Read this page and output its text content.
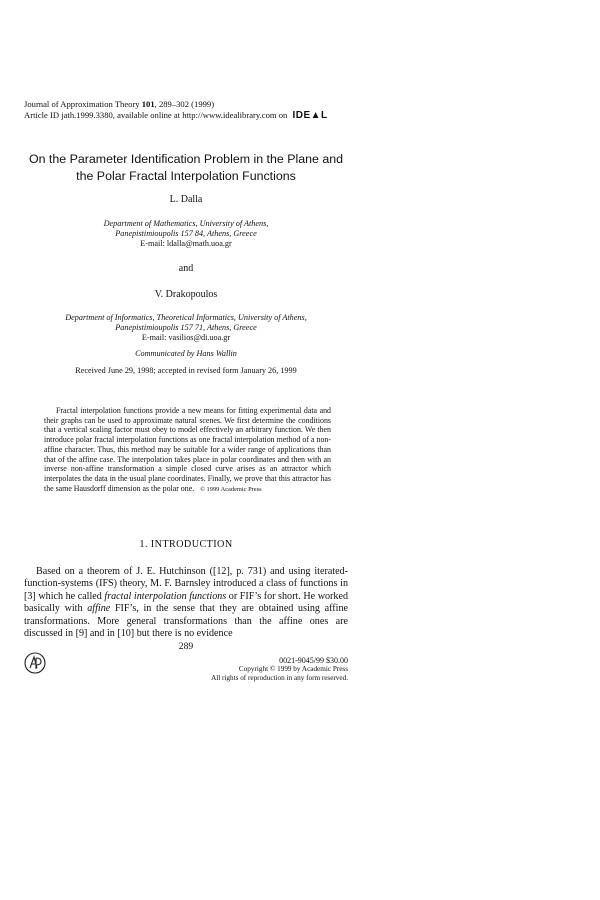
Journal of Approximation Theory 101, 289–302 (1999)
Article ID jath.1999.3380, available online at http://www.idealibrary.com on IDE▲L
On the Parameter Identification Problem in the Plane and
the Polar Fractal Interpolation Functions
L. Dalla
Department of Mathematics, University of Athens,
Panepistimioupolis 157 84, Athens, Greece
E-mail: ldalla@math.uoa.gr
and
V. Drakopoulos
Department of Informatics, Theoretical Informatics, University of Athens,
Panepistimioupolis 157 71, Athens, Greece
E-mail: vasilios@di.uoa.gr
Communicated by Hans Wallin
Received June 29, 1998; accepted in revised form January 26, 1999
Fractal interpolation functions provide a new means for fitting experimental data and their graphs can be used to approximate natural scenes. We first determine the conditions that a vertical scaling factor must obey to model effectively an arbitrary function. We then introduce polar fractal interpolation functions as one fractal interpolation method of a non-affine character. Thus, this method may be suitable for a wider range of applications than that of the affine case. The interpolation takes place in polar coordinates and then with an inverse non-affine transformation a simple closed curve arises as an attractor which interpolates the data in the usual plane coordinates. Finally, we prove that this attractor has the same Hausdorff dimension as the polar one. © 1999 Academic Press
1. INTRODUCTION
Based on a theorem of J. E. Hutchinson ([12], p. 731) and using iterated-function-systems (IFS) theory, M. F. Barnsley introduced a class of functions in [3] which he called fractal interpolation functions or FIF’s for short. He worked basically with affine FIF’s, in the sense that they are obtained using affine transformations. More general transformations than the affine ones are discussed in [9] and in [10] but there is no evidence
289
0021-9045/99 $30.00
Copyright © 1999 by Academic Press
All rights of reproduction in any form reserved.
